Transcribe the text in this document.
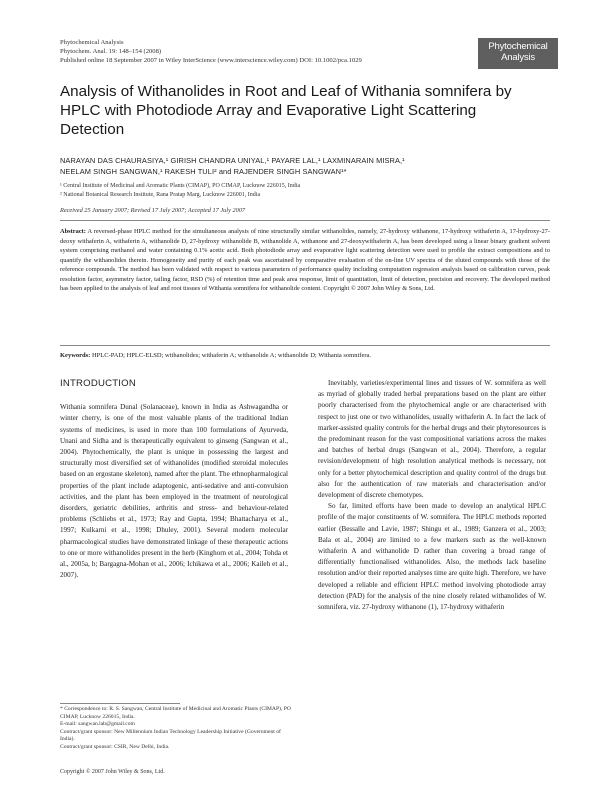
Phytochemical Analysis
Phytochem. Anal. 19: 148–154 (2008)
Published online 18 September 2007 in Wiley InterScience (www.interscience.wiley.com) DOI: 10.1002/pca.1029
Phytochemical
Analysis
Analysis of Withanolides in Root and Leaf of Withania somnifera by HPLC with Photodiode Array and Evaporative Light Scattering Detection
NARAYAN DAS CHAURASIYA,¹ GIRISH CHANDRA UNIYAL,¹ PAYARE LAL,¹ LAXMINARAIN MISRA,¹
NEELAM SINGH SANGWAN,¹ RAKESH TULI² and RAJENDER SINGH SANGWAN¹*
¹ Central Institute of Medicinal and Aromatic Plants (CIMAP), PO CIMAP, Lucknow 226015, India
² National Botanical Research Institute, Rana Pratap Marg, Lucknow 226001, India
Received 25 January 2007; Revised 17 July 2007; Accepted 17 July 2007

Abstract: A reversed-phase HPLC method for the simultaneous analysis of nine structurally similar withanolides, namely, 27-hydroxy withanone, 17-hydroxy withaferin A, 17-hydroxy-27-deoxy withaferin A, withaferin A, withanolide D, 27-hydroxy withanolide B, withanolide A, withanone and 27-deoxywithaferin A, has been developed using a linear binary gradient solvent system comprising methanol and water containing 0.1% acetic acid. Both photodiode array and evaporative light scattering detection were used to profile the extract compositions and to quantify the withanolides therein. Homogeneity and purity of each peak was ascertained by comparative evaluation of the on-line UV spectra of the eluted compounds with those of the reference compounds. The method has been validated with respect to various parameters of performance quality including computation regression analysis based on calibration curves, peak resolution factor, asymmetry factor, tailing factor, RSD (%) of retention time and peak area response, limit of quantitation, limit of detection, precision and recovery. The developed method has been applied to the analysis of leaf and root tissues of Withania somnifera for withanolide content. Copyright © 2007 John Wiley & Sons, Ltd.

Keywords: HPLC-PAD; HPLC-ELSD; withanolides; withaferin A; withanolide A; withanolide D; Withania somnifera.
INTRODUCTION

Withania somnifera Dunal (Solanaceae), known in India as Ashwagandha or winter cherry, is one of the most valuable plants of the traditional Indian systems of medicines, is used in more than 100 formulations of Ayurveda, Unani and Sidha and is therapeutically equivalent to ginseng (Sangwan et al., 2004). Phytochemically, the plant is unique in possessing the largest and structurally most diversified set of withanolides (modified steroidal molecules based on an ergostane skeleton), named after the plant. The ethnopharmalogical properties of the plant include adaptogenic, anti-sedative and anti-convulsion activities, and the plant has been employed in the treatment of neurological disorders, geriatric debilities, arthritis and stress- and behaviour-related problems (Schliebs et al., 1973; Ray and Gupta, 1994; Bhattacharya et al., 1997; Kulkarni et al., 1998; Dhuley, 2001). Several modern molecular pharmacological studies have demonstrated linkage of these therapeutic actions to one or more withanolides present in the herb (Kinghorn et al., 2004; Tohda et al., 2005a, b; Bargagna-Mohan et al., 2006; Ichikawa et al., 2006; Kaileh et al., 2007).

Inevitably, varieties/experimental lines and tissues of W. somnifera as well as myriad of globally traded herbal preparations based on the plant are either poorly characterised from the phytochemical angle or are characterised with respect to just one or two withanolides, usually withaferin A. In fact the lack of marker-assisted quality controls for the herbal drugs and their phytoresources is the predominant reason for the vast compositional variations across the makes and batches of herbal drugs (Sangwan et al., 2004). Therefore, a regular revision/development of high resolution analytical methods is necessary, not only for a better phytochemical description and quality control of the drugs but also for the authentication of raw materials and characterisation and/or development of discrete chemotypes.

So far, limited efforts have been made to develop an analytical HPLC profile of the major constituents of W. somnifera. The HPLC methods reported earlier (Bessalle and Lavie, 1987; Shingu et al., 1989; Ganzera et al., 2003; Bala et al., 2004) are limited to a few markers such as the well-known withaferin A and withanolide D rather than covering a broad range of differentially functionalised withanolides. Also, the methods lack baseline resolution and/or their reported analyses time are quite high. Therefore, we have developed a reliable and efficient HPLC method involving photodiode array detection (PAD) for the analysis of the nine closely related withanolides of W. somnifera, viz. 27-hydroxy withanone (1), 17-hydroxy withaferin

* Correspondence to: R. S. Sangwan, Central Institute of Medicinal and Aromatic Plants (CIMAP), PO CIMAP, Lucknow 226015, India.
E-mail: sangwan.lab@gmail.com
Contract/grant sponsor: New Millennium Indian Technology Leadership Initiative (Government of India).
Contract/grant sponsor: CSIR, New Delhi, India.
Copyright © 2007 John Wiley & Sons, Ltd.
